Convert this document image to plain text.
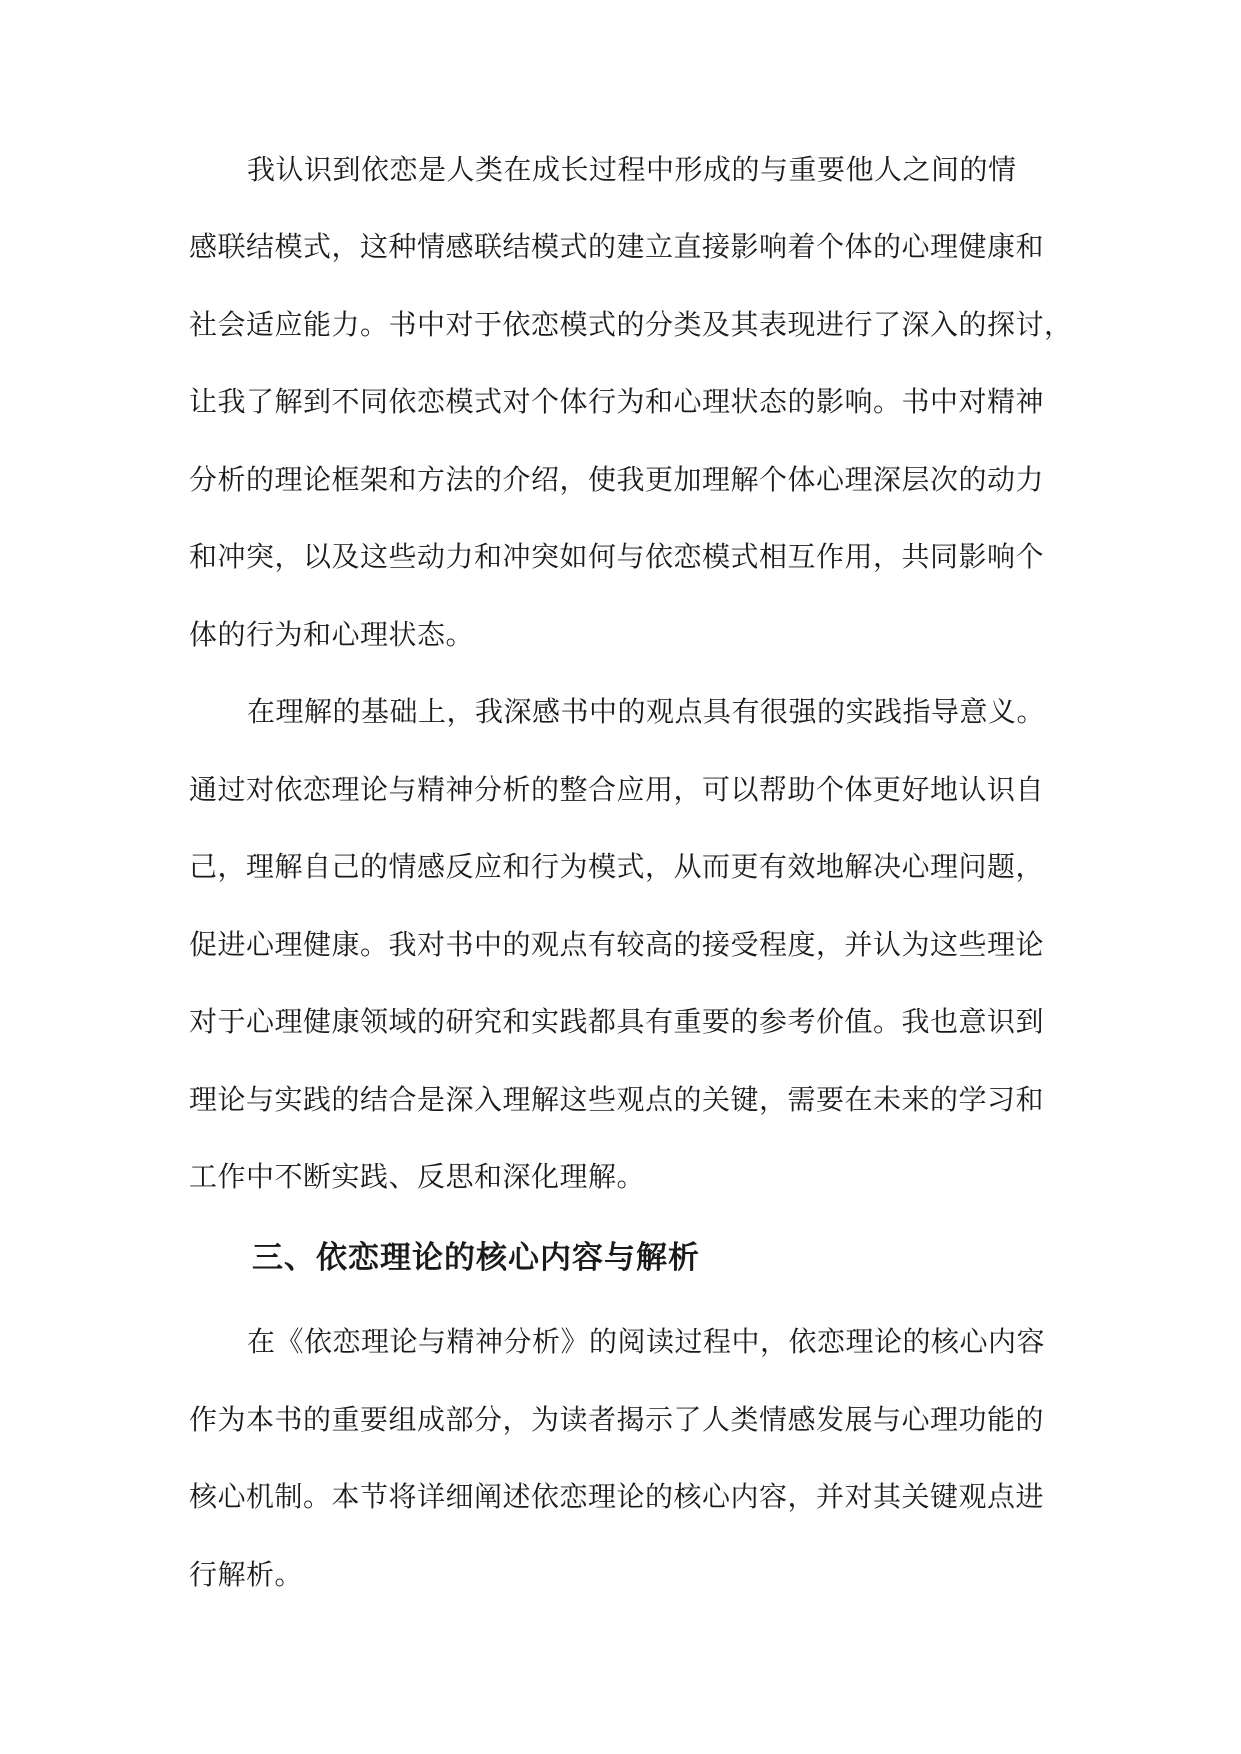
我认识到依恋是人类在成长过程中形成的与重要他人之间的情
感联结模式，这种情感联结模式的建立直接影响着个体的心理健康和
社会适应能力。书中对于依恋模式的分类及其表现进行了深入的探讨，
让我了解到不同依恋模式对个体行为和心理状态的影响。书中对精神
分析的理论框架和方法的介绍，使我更加理解个体心理深层次的动力
和冲突，以及这些动力和冲突如何与依恋模式相互作用，共同影响个
体的行为和心理状态。
在理解的基础上，我深感书中的观点具有很强的实践指导意义。
通过对依恋理论与精神分析的整合应用，可以帮助个体更好地认识自
己，理解自己的情感反应和行为模式，从而更有效地解决心理问题，
促进心理健康。我对书中的观点有较高的接受程度，并认为这些理论
对于心理健康领域的研究和实践都具有重要的参考价值。我也意识到
理论与实践的结合是深入理解这些观点的关键，需要在未来的学习和
工作中不断实践、反思和深化理解。
三、依恋理论的核心内容与解析
在《依恋理论与精神分析》的阅读过程中，依恋理论的核心内容
作为本书的重要组成部分，为读者揭示了人类情感发展与心理功能的
核心机制。本节将详细阐述依恋理论的核心内容，并对其关键观点进
行解析。
